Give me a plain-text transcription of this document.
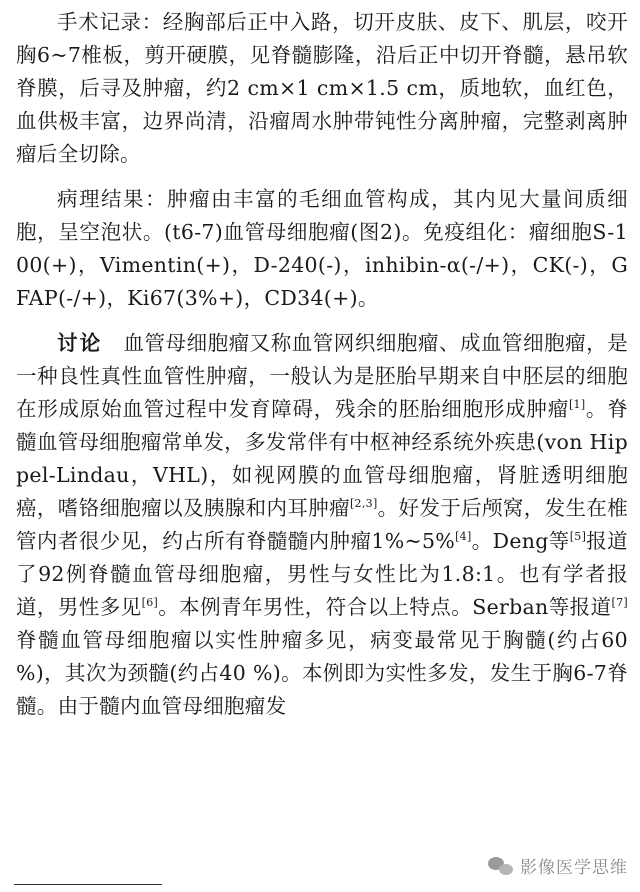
手术记录：经胸部后正中入路，切开皮肤、皮下、肌层，咬开胸6~7椎板，剪开硬膜，见脊髓膨隆，沿后正中切开脊髓，悬吊软脊膜，后寻及肿瘤，约2 cm×1 cm×1.5 cm，质地软，血红色，血供极丰富，边界尚清，沿瘤周水肿带钝性分离肿瘤，完整剥离肿瘤后全切除。

病理结果：肿瘤由丰富的毛细血管构成，其内见大量间质细胞，呈空泡状。(t6-7)血管母细胞瘤(图2)。免疫组化：瘤细胞S-100(+)，Vimentin(+)，D-240(-)，inhibin-α(-/+)，CK(-)，GFAP(-/+)，Ki67(3%+)，CD34(+)。

讨论　 血管母细胞瘤又称血管网织细胞瘤、成血管细胞瘤，是一种良性真性血管性肿瘤，一般认为是胚胎早期来自中胚层的细胞在形成原始血管过程中发育障碍，残余的胚胎细胞形成肿瘤[1]。脊髓血管母细胞瘤常单发，多发常伴有中枢神经系统外疾患(von Hippel-Lindau，VHL)，如视网膜的血管母细胞瘤，肾脏透明细胞癌，嗜铬细胞瘤以及胰腺和内耳肿瘤[2,3]。好发于后颅窝，发生在椎管内者很少见，约占所有脊髓髓内肿瘤1%~5%[4]。Deng等[5]报道了92例脊髓血管母细胞瘤，男性与女性比为1.8:1。也有学者报道，男性多见[6]。本例青年男性，符合以上特点。Serban等报道[7]脊髓血管母细胞瘤以实性肿瘤多见，病变最常见于胸髓(约占60 %)，其次为颈髓(约占40 %)。本例即为实性多发，发生于胸6-7脊髓。由于髓内血管母细胞瘤发

影像医学思维
